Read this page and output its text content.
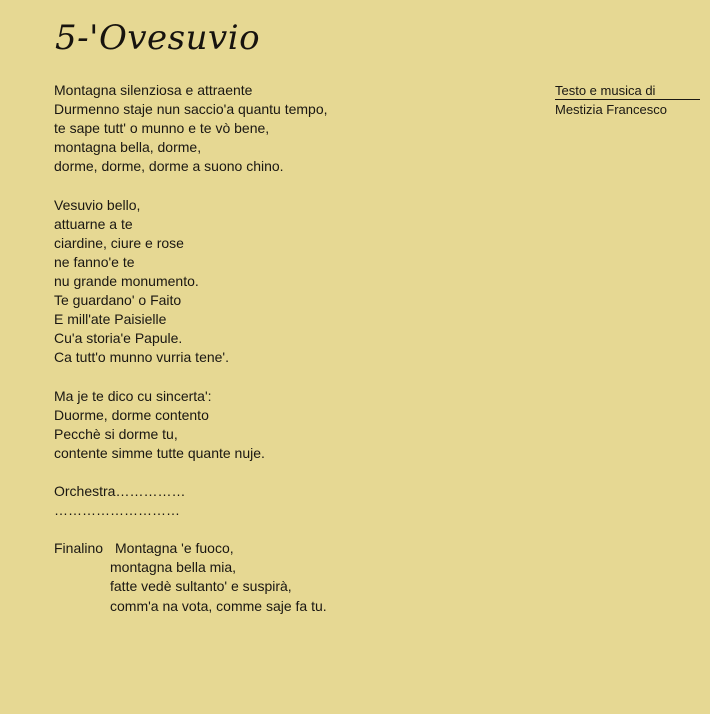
5-'Ovesuvio
Testo e musica di
Mestizia Francesco
Montagna silenziosa e attraente
Durmenno staje nun saccio'a quantu tempo,
te sape tutt' o munno e te vò bene,
montagna bella, dorme,
dorme, dorme, dorme a suono chino.
Vesuvio bello,
attuarne a te
ciardine, ciure e rose
ne fanno'e te
nu grande monumento.
Te guardano' o Faito
E mill'ate Paisielle
Cu'a storia'e Papule.
Ca tutt'o munno vurria tene'.
Ma je te dico cu sincerta':
Duorme, dorme contento
Pecchè si dorme tu,
contente simme tutte quante nuje.
Orchestra……………
………………………
Finalino Montagna 'e fuoco,
montagna bella mia,
fatte vedè sultanto' e suspirà,
comm'a na vota, comme saje fa tu.
